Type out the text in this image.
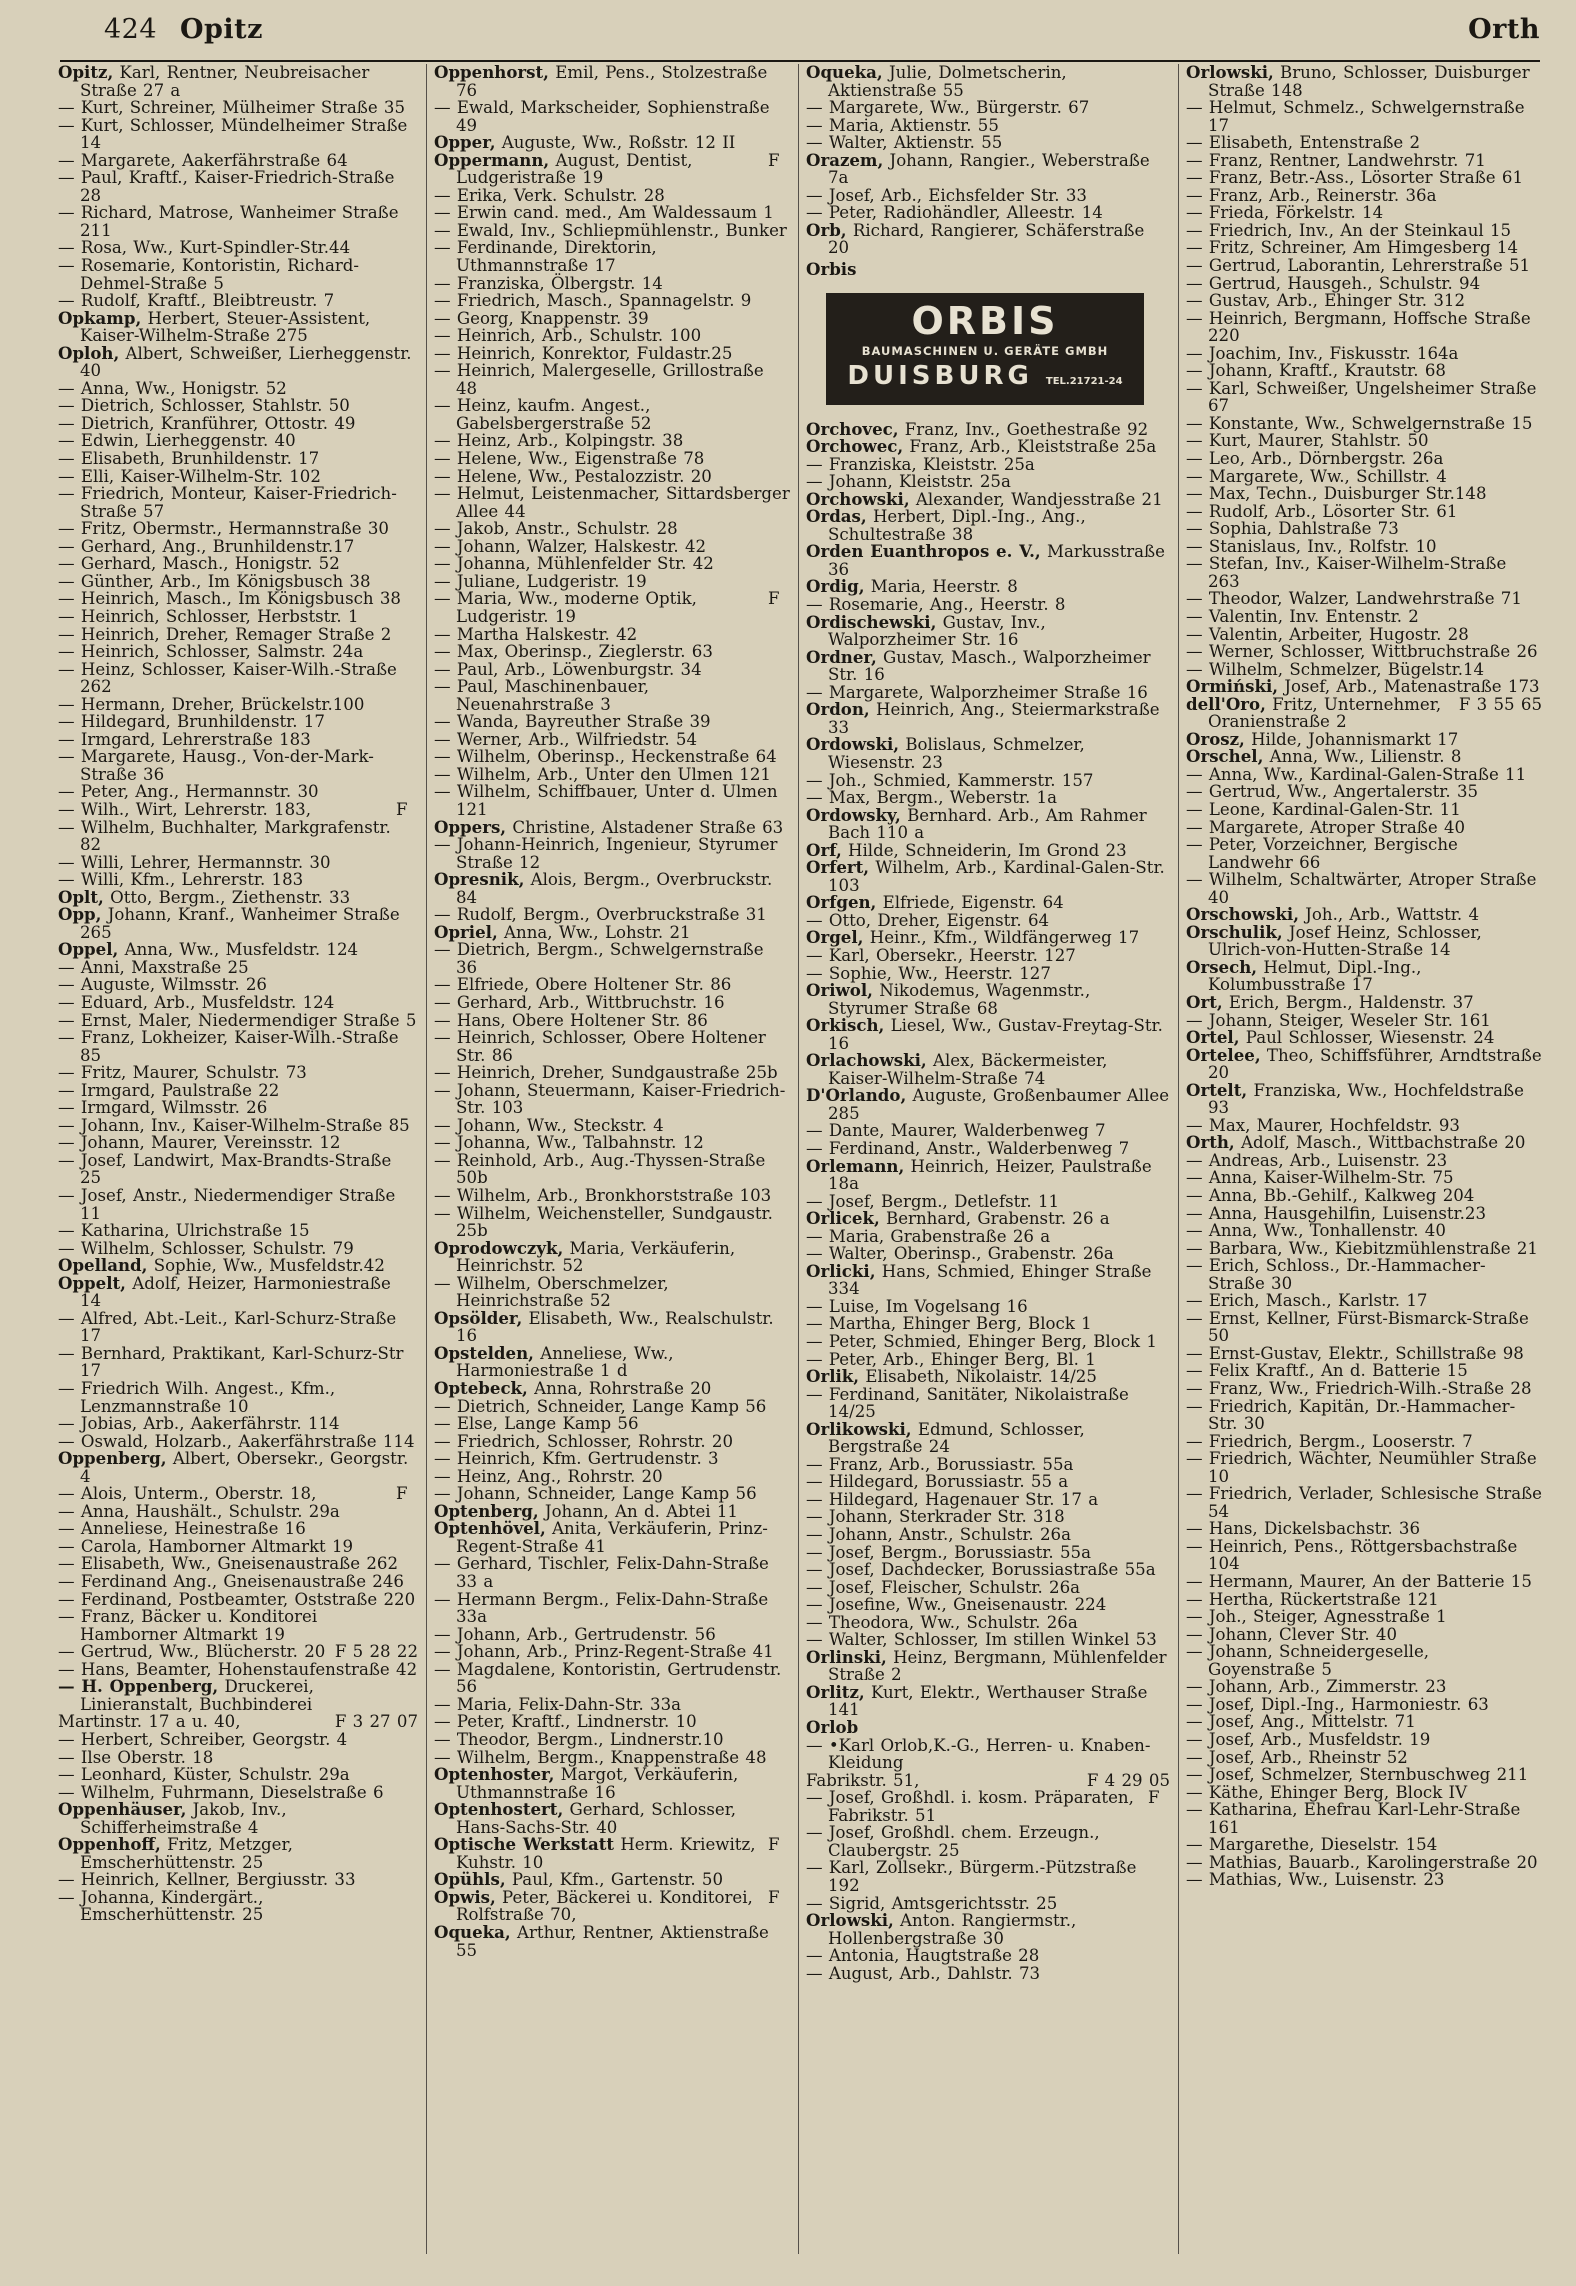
424 Opitz	Orth
Opitz, Karl, Rentner, Neubreisacher Straße 27 a
— Kurt, Schreiner, Mülheimer Straße 35
— Kurt, Schlosser, Mündelheimer Straße 14
— Margarete, Aakerfährstraße 64
— Paul, Kraftf., Kaiser-Friedrich-Straße 28
— Richard, Matrose, Wanheimer Straße 211
— Rosa, Ww., Kurt-Spindler-Str.44
— Rosemarie, Kontoristin, Richard-Dehmel-Straße 5
— Rudolf, Kraftf., Bleibtreustr. 7
Opkamp, Herbert, Steuer-Assistent, Kaiser-Wilhelm-Straße 275
Oploh, Albert, Schweißer, Lierheggenstr. 40
— Anna, Ww., Honigstr. 52
— Dietrich, Schlosser, Stahlstr. 50
— Dietrich, Kranführer, Ottostr. 49
— Edwin, Lierheggenstr. 40
— Elisabeth, Brunhildenstr. 17
— Elli, Kaiser-Wilhelm-Str. 102
— Friedrich, Monteur, Kaiser-Friedrich-Straße 57
— Fritz, Obermstr., Hermannstraße 30
— Gerhard, Ang., Brunhildenstr.17
— Gerhard, Masch., Honigstr. 52
— Günther, Arb., Im Königsbusch 38
— Heinrich, Masch., Im Königsbusch 38
— Heinrich, Schlosser, Herbststr. 1
— Heinrich, Dreher, Remager Straße 2
— Heinrich, Schlosser, Salmstr. 24a
— Heinz, Schlosser, Kaiser-Wilh.-Straße 262
— Hermann, Dreher, Brückelstr.100
— Hildegard, Brunhildenstr. 17
— Irmgard, Lehrerstraße 183
— Margarete, Hausg., Von-der-Mark-Straße 36
— Peter, Ang., Hermannstr. 30
F
— Wilh., Wirt, Lehrerstr. 183,
— Wilhelm, Buchhalter, Markgrafenstr. 82
— Willi, Lehrer, Hermannstr. 30
— Willi, Kfm., Lehrerstr. 183
Oplt, Otto, Bergm., Ziethenstr. 33
Opp, Johann, Kranf., Wanheimer Straße 265
Oppel, Anna, Ww., Musfeldstr. 124
— Anni, Maxstraße 25
— Auguste, Wilmsstr. 26
— Eduard, Arb., Musfeldstr. 124
— Ernst, Maler, Niedermendiger Straße 5
— Franz, Lokheizer, Kaiser-Wilh.-Straße 85
— Fritz, Maurer, Schulstr. 73
— Irmgard, Paulstraße 22
— Irmgard, Wilmsstr. 26
— Johann, Inv., Kaiser-Wilhelm-Straße 85
— Johann, Maurer, Vereinsstr. 12
— Josef, Landwirt, Max-Brandts-Straße 25
— Josef, Anstr., Niedermendiger Straße 11
— Katharina, Ulrichstraße 15
— Wilhelm, Schlosser, Schulstr. 79
Opelland, Sophie, Ww., Musfeldstr.42
Oppelt, Adolf, Heizer, Harmoniestraße 14
— Alfred, Abt.-Leit., Karl-Schurz-Straße 17
— Bernhard, Praktikant, Karl-Schurz-Str 17
— Friedrich Wilh. Angest., Kfm., Lenzmannstraße 10
— Jobias, Arb., Aakerfährstr. 114
— Oswald, Holzarb., Aakerfährstraße 114
Oppenberg, Albert, Obersekr., Georgstr. 4
F
— Alois, Unterm., Oberstr. 18,
— Anna, Haushält., Schulstr. 29a
— Anneliese, Heinestraße 16
— Carola, Hamborner Altmarkt 19
— Elisabeth, Ww., Gneisenaustraße 262
— Ferdinand Ang., Gneisenaustraße 246
— Ferdinand, Postbeamter, Oststraße 220
— Franz, Bäcker u. Konditorei Hamborner Altmarkt 19
F 5 28 22
— Gertrud, Ww., Blücherstr. 20
— Hans, Beamter, Hohenstaufenstraße 42
— H. Oppenberg, Druckerei, Linieranstalt, Buchbinderei
F 3 27 07
Martinstr. 17 a u. 40,
— Herbert, Schreiber, Georgstr. 4
— Ilse Oberstr. 18
— Leonhard, Küster, Schulstr. 29a
— Wilhelm, Fuhrmann, Dieselstraße 6
Oppenhäuser, Jakob, Inv., Schifferheimstraße 4
Oppenhoff, Fritz, Metzger, Emscherhüttenstr. 25
— Heinrich, Kellner, Bergiusstr. 33
— Johanna, Kindergärt., Emscherhüttenstr. 25
Oppenhorst, Emil, Pens., Stolzestraße 76
— Ewald, Markscheider, Sophienstraße 49
Opper, Auguste, Ww., Roßstr. 12 II
F
Oppermann, August, Dentist, Ludgeristraße 19
— Erika, Verk. Schulstr. 28
— Erwin cand. med., Am Waldessaum 1
— Ewald, Inv., Schliepmühlenstr., Bunker
— Ferdinande, Direktorin, Uthmannstraße 17
— Franziska, Ölbergstr. 14
— Friedrich, Masch., Spannagelstr. 9
— Georg, Knappenstr. 39
— Heinrich, Arb., Schulstr. 100
— Heinrich, Konrektor, Fuldastr.25
— Heinrich, Malergeselle, Grillostraße 48
— Heinz, kaufm. Angest., Gabelsbergerstraße 52
— Heinz, Arb., Kolpingstr. 38
— Helene, Ww., Eigenstraße 78
— Helene, Ww., Pestalozzistr. 20
— Helmut, Leistenmacher, Sittardsberger Allee 44
— Jakob, Anstr., Schulstr. 28
— Johann, Walzer, Halskestr. 42
— Johanna, Mühlenfelder Str. 42
— Juliane, Ludgeristr. 19
F
— Maria, Ww., moderne Optik, Ludgeristr. 19
— Martha Halskestr. 42
— Max, Oberinsp., Zieglerstr. 63
— Paul, Arb., Löwenburgstr. 34
— Paul, Maschinenbauer, Neuenahrstraße 3
— Wanda, Bayreuther Straße 39
— Werner, Arb., Wilfriedstr. 54
— Wilhelm, Oberinsp., Heckenstraße 64
— Wilhelm, Arb., Unter den Ulmen 121
— Wilhelm, Schiffbauer, Unter d. Ulmen 121
Oppers, Christine, Alstadener Straße 63
— Johann-Heinrich, Ingenieur, Styrumer Straße 12
Opresnik, Alois, Bergm., Overbruckstr. 84
— Rudolf, Bergm., Overbruckstraße 31
Opriel, Anna, Ww., Lohstr. 21
— Dietrich, Bergm., Schwelgernstraße 36
— Elfriede, Obere Holtener Str. 86
— Gerhard, Arb., Wittbruchstr. 16
— Hans, Obere Holtener Str. 86
— Heinrich, Schlosser, Obere Holtener Str. 86
— Heinrich, Dreher, Sundgaustraße 25b
— Johann, Steuermann, Kaiser-Friedrich-Str. 103
— Johann, Ww., Steckstr. 4
— Johanna, Ww., Talbahnstr. 12
— Reinhold, Arb., Aug.-Thyssen-Straße 50b
— Wilhelm, Arb., Bronkhorststraße 103
— Wilhelm, Weichensteller, Sundgaustr. 25b
Oprodowczyk, Maria, Verkäuferin, Heinrichstr. 52
— Wilhelm, Oberschmelzer, Heinrichstraße 52
Opsölder, Elisabeth, Ww., Realschulstr. 16
Opstelden, Anneliese, Ww., Harmoniestraße 1 d
Optebeck, Anna, Rohrstraße 20
— Dietrich, Schneider, Lange Kamp 56
— Else, Lange Kamp 56
— Friedrich, Schlosser, Rohrstr. 20
— Heinrich, Kfm. Gertrudenstr. 3
— Heinz, Ang., Rohrstr. 20
— Johann, Schneider, Lange Kamp 56
Optenberg, Johann, An d. Abtei 11
Optenhövel, Anita, Verkäuferin, Prinz-Regent-Straße 41
— Gerhard, Tischler, Felix-Dahn-Straße 33 a
— Hermann Bergm., Felix-Dahn-Straße 33a
— Johann, Arb., Gertrudenstr. 56
— Johann, Arb., Prinz-Regent-Straße 41
— Magdalene, Kontoristin, Gertrudenstr. 56
— Maria, Felix-Dahn-Str. 33a
— Peter, Kraftf., Lindnerstr. 10
— Theodor, Bergm., Lindnerstr.10
— Wilhelm, Bergm., Knappenstraße 48
Optenhoster, Margot, Verkäuferin, Uthmannstraße 16
Optenhostert, Gerhard, Schlosser, Hans-Sachs-Str. 40
F
Optische Werkstatt Herm. Kriewitz, Kuhstr. 10
Opühls, Paul, Kfm., Gartenstr. 50
F
Opwis, Peter, Bäckerei u. Konditorei, Rolfstraße 70,
Oqueka, Arthur, Rentner, Aktienstraße 55
Oqueka, Julie, Dolmetscherin, Aktienstraße 55
— Margarete, Ww., Bürgerstr. 67
— Maria, Aktienstr. 55
— Walter, Aktienstr. 55
Orazem, Johann, Rangier., Weberstraße 7a
— Josef, Arb., Eichsfelder Str. 33
— Peter, Radiohändler, Alleestr. 14
Orb, Richard, Rangierer, Schäferstraße 20
Orbis
ORBIS
BAUMASCHINEN U. GERÄTE GMBH
DUISBURG TEL.21721-24
Orchovec, Franz, Inv., Goethestraße 92
Orchowec, Franz, Arb., Kleiststraße 25a
— Franziska, Kleiststr. 25a
— Johann, Kleiststr. 25a
Orchowski, Alexander, Wandjesstraße 21
Ordas, Herbert, Dipl.-Ing., Ang., Schultestraße 38
Orden Euanthropos e. V., Markusstraße 36
Ordig, Maria, Heerstr. 8
— Rosemarie, Ang., Heerstr. 8
Ordischewski, Gustav, Inv., Walporzheimer Str. 16
Ordner, Gustav, Masch., Walporzheimer Str. 16
— Margarete, Walporzheimer Straße 16
Ordon, Heinrich, Ang., Steiermarkstraße 33
Ordowski, Bolislaus, Schmelzer, Wiesenstr. 23
— Joh., Schmied, Kammerstr. 157
— Max, Bergm., Weberstr. 1a
Ordowsky, Bernhard. Arb., Am Rahmer Bach 110 a
Orf, Hilde, Schneiderin, Im Grond 23
Orfert, Wilhelm, Arb., Kardinal-Galen-Str. 103
Orfgen, Elfriede, Eigenstr. 64
— Otto, Dreher, Eigenstr. 64
Orgel, Heinr., Kfm., Wildfängerweg 17
— Karl, Obersekr., Heerstr. 127
— Sophie, Ww., Heerstr. 127
Oriwol, Nikodemus, Wagenmstr., Styrumer Straße 68
Orkisch, Liesel, Ww., Gustav-Freytag-Str. 16
Orlachowski, Alex, Bäckermeister, Kaiser-Wilhelm-Straße 74
D'Orlando, Auguste, Großenbaumer Allee 285
— Dante, Maurer, Walderbenweg 7
— Ferdinand, Anstr., Walderbenweg 7
Orlemann, Heinrich, Heizer, Paulstraße 18a
— Josef, Bergm., Detlefstr. 11
Orlicek, Bernhard, Grabenstr. 26 a
— Maria, Grabenstraße 26 a
— Walter, Oberinsp., Grabenstr. 26a
Orlicki, Hans, Schmied, Ehinger Straße 334
— Luise, Im Vogelsang 16
— Martha, Ehinger Berg, Block 1
— Peter, Schmied, Ehinger Berg, Block 1
— Peter, Arb., Ehinger Berg, Bl. 1
Orlik, Elisabeth, Nikolaistr. 14/25
— Ferdinand, Sanitäter, Nikolaistraße 14/25
Orlikowski, Edmund, Schlosser, Bergstraße 24
— Franz, Arb., Borussiastr. 55a
— Hildegard, Borussiastr. 55 a
— Hildegard, Hagenauer Str. 17 a
— Johann, Sterkrader Str. 318
— Johann, Anstr., Schulstr. 26a
— Josef, Bergm., Borussiastr. 55a
— Josef, Dachdecker, Borussiastraße 55a
— Josef, Fleischer, Schulstr. 26a
— Josefine, Ww., Gneisenaustr. 224
— Theodora, Ww., Schulstr. 26a
— Walter, Schlosser, Im stillen Winkel 53
Orlinski, Heinz, Bergmann, Mühlenfelder Straße 2
Orlitz, Kurt, Elektr., Werthauser Straße 141
Orlob
— •Karl Orlob,K.-G., Herren- u. Knaben-Kleidung
F 4 29 05
Fabrikstr. 51,
F
— Josef, Großhdl. i. kosm. Präparaten, Fabrikstr. 51
— Josef, Großhdl. chem. Erzeugn., Claubergstr. 25
— Karl, Zollsekr., Bürgerm.-Pützstraße 192
— Sigrid, Amtsgerichtsstr. 25
Orlowski, Anton. Rangiermstr., Hollenbergstraße 30
— Antonia, Haugtstraße 28
— August, Arb., Dahlstr. 73
Orlowski, Bruno, Schlosser, Duisburger Straße 148
— Helmut, Schmelz., Schwelgernstraße 17
— Elisabeth, Entenstraße 2
— Franz, Rentner, Landwehrstr. 71
— Franz, Betr.-Ass., Lösorter Straße 61
— Franz, Arb., Reinerstr. 36a
— Frieda, Förkelstr. 14
— Friedrich, Inv., An der Steinkaul 15
— Fritz, Schreiner, Am Himgesberg 14
— Gertrud, Laborantin, Lehrerstraße 51
— Gertrud, Hausgeh., Schulstr. 94
— Gustav, Arb., Ehinger Str. 312
— Heinrich, Bergmann, Hoffsche Straße 220
— Joachim, Inv., Fiskusstr. 164a
— Johann, Kraftf., Krautstr. 68
— Karl, Schweißer, Ungelsheimer Straße 67
— Konstante, Ww., Schwelgernstraße 15
— Kurt, Maurer, Stahlstr. 50
— Leo, Arb., Dörnbergstr. 26a
— Margarete, Ww., Schillstr. 4
— Max, Techn., Duisburger Str.148
— Rudolf, Arb., Lösorter Str. 61
— Sophia, Dahlstraße 73
— Stanislaus, Inv., Rolfstr. 10
— Stefan, Inv., Kaiser-Wilhelm-Straße 263
— Theodor, Walzer, Landwehrstraße 71
— Valentin, Inv. Entenstr. 2
— Valentin, Arbeiter, Hugostr. 28
— Werner, Schlosser, Wittbruchstraße 26
— Wilhelm, Schmelzer, Bügelstr.14
Ormiński, Josef, Arb., Matenastraße 173
F 3 55 65
dell'Oro, Fritz, Unternehmer, Oranienstraße 2
Orosz, Hilde, Johannismarkt 17
Orschel, Anna, Ww., Lilienstr. 8
— Anna, Ww., Kardinal-Galen-Straße 11
— Gertrud, Ww., Angertalerstr. 35
— Leone, Kardinal-Galen-Str. 11
— Margarete, Atroper Straße 40
— Peter, Vorzeichner, Bergische Landwehr 66
— Wilhelm, Schaltwärter, Atroper Straße 40
Orschowski, Joh., Arb., Wattstr. 4
Orschulik, Josef Heinz, Schlosser, Ulrich-von-Hutten-Straße 14
Orsech, Helmut, Dipl.-Ing., Kolumbusstraße 17
Ort, Erich, Bergm., Haldenstr. 37
— Johann, Steiger, Weseler Str. 161
Ortel, Paul Schlosser, Wiesenstr. 24
Ortelee, Theo, Schiffsführer, Arndtstraße 20
Ortelt, Franziska, Ww., Hochfeldstraße 93
— Max, Maurer, Hochfeldstr. 93
Orth, Adolf, Masch., Wittbachstraße 20
— Andreas, Arb., Luisenstr. 23
— Anna, Kaiser-Wilhelm-Str. 75
— Anna, Bb.-Gehilf., Kalkweg 204
— Anna, Hausgehilfin, Luisenstr.23
— Anna, Ww., Tonhallenstr. 40
— Barbara, Ww., Kiebitzmühlenstraße 21
— Erich, Schloss., Dr.-Hammacher-Straße 30
— Erich, Masch., Karlstr. 17
— Ernst, Kellner, Fürst-Bismarck-Straße 50
— Ernst-Gustav, Elektr., Schillstraße 98
— Felix Kraftf., An d. Batterie 15
— Franz, Ww., Friedrich-Wilh.-Straße 28
— Friedrich, Kapitän, Dr.-Hammacher-Str. 30
— Friedrich, Bergm., Looserstr. 7
— Friedrich, Wächter, Neumühler Straße 10
— Friedrich, Verlader, Schlesische Straße 54
— Hans, Dickelsbachstr. 36
— Heinrich, Pens., Röttgersbachstraße 104
— Hermann, Maurer, An der Batterie 15
— Hertha, Rückertstraße 121
— Joh., Steiger, Agnesstraße 1
— Johann, Clever Str. 40
— Johann, Schneidergeselle, Goyenstraße 5
— Johann, Arb., Zimmerstr. 23
— Josef, Dipl.-Ing., Harmoniestr. 63
— Josef, Ang., Mittelstr. 71
— Josef, Arb., Musfeldstr. 19
— Josef, Arb., Rheinstr 52
— Josef, Schmelzer, Sternbuschweg 211
— Käthe, Ehinger Berg, Block IV
— Katharina, Ehefrau Karl-Lehr-Straße 161
— Margarethe, Dieselstr. 154
— Mathias, Bauarb., Karolingerstraße 20
— Mathias, Ww., Luisenstr. 23
